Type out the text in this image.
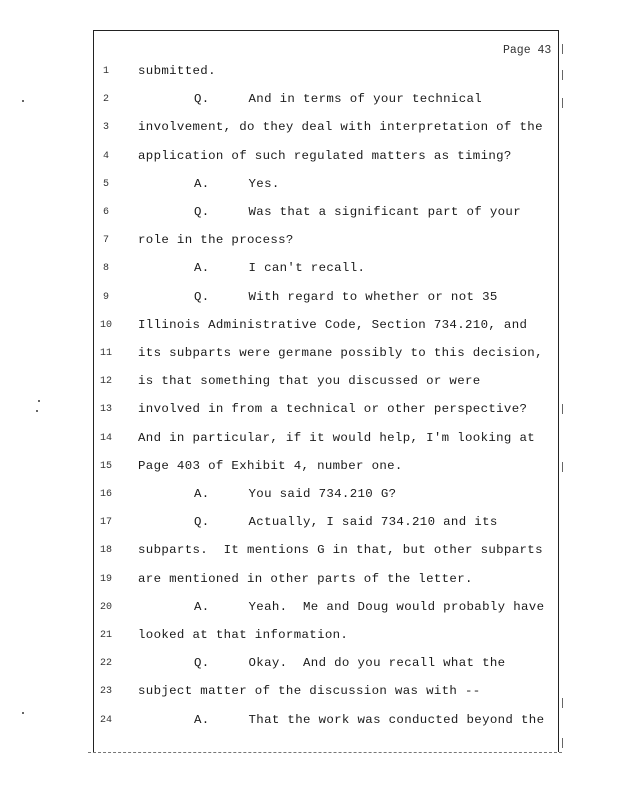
Page 43
1	submitted.
2	Q.     And in terms of your technical
3	involvement, do they deal with interpretation of the
4	application of such regulated matters as timing?
5	A.     Yes.
6	Q.     Was that a significant part of your
7	role in the process?
8	A.     I can't recall.
9	Q.     With regard to whether or not 35
10	Illinois Administrative Code, Section 734.210, and
11	its subparts were germane possibly to this decision,
12	is that something that you discussed or were
13	involved in from a technical or other perspective?
14	And in particular, if it would help, I'm looking at
15	Page 403 of Exhibit 4, number one.
16	A.     You said 734.210 G?
17	Q.     Actually, I said 734.210 and its
18	subparts.  It mentions G in that, but other subparts
19	are mentioned in other parts of the letter.
20	A.     Yeah.  Me and Doug would probably have
21	looked at that information.
22	Q.     Okay.  And do you recall what the
23	subject matter of the discussion was with --
24	A.     That the work was conducted beyond the
